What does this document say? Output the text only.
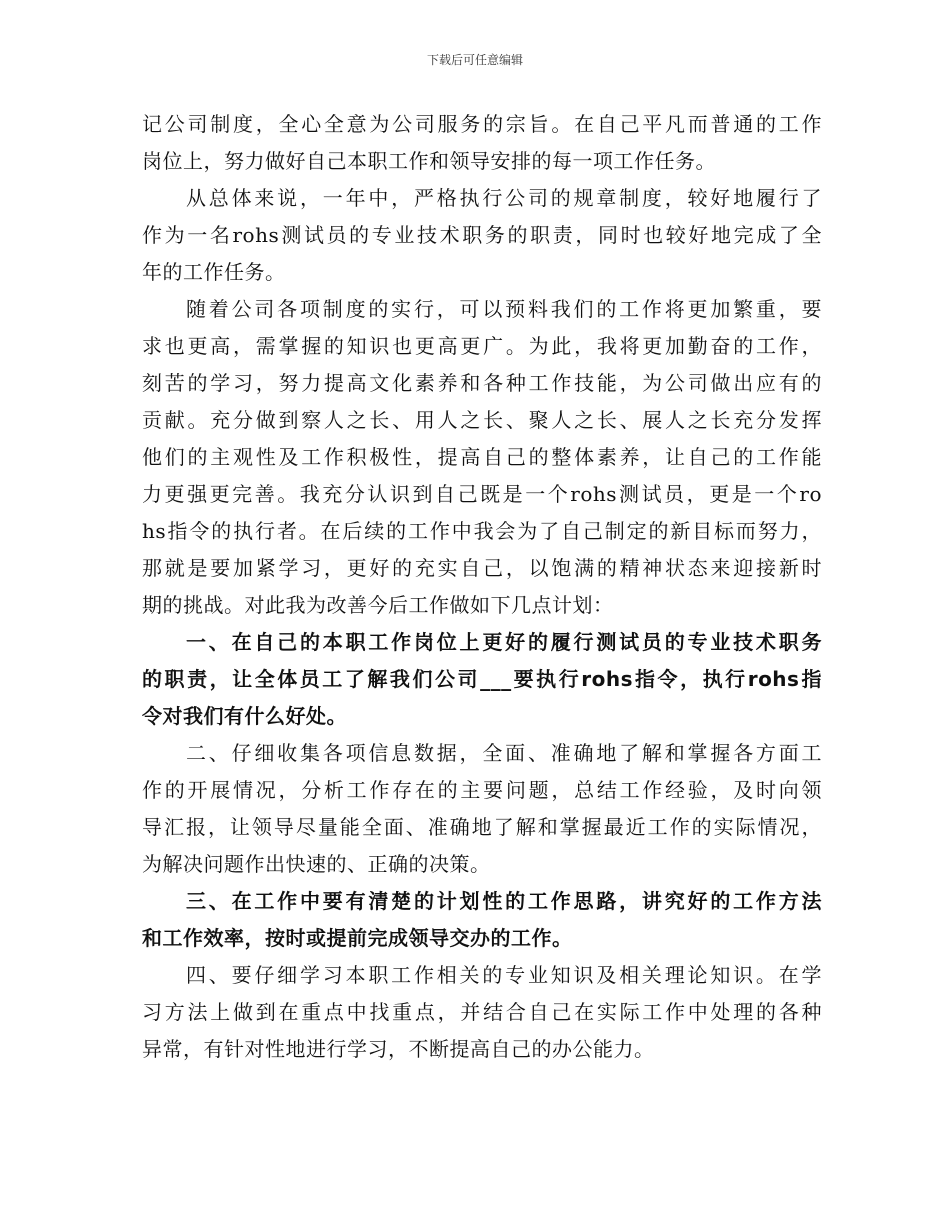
下载后可任意编辑
记公司制度，全心全意为公司服务的宗旨。在自己平凡而普通的工作
岗位上，努力做好自己本职工作和领导安排的每一项工作任务。
从总体来说，一年中，严格执行公司的规章制度，较好地履行了
作为一名rohs测试员的专业技术职务的职责，同时也较好地完成了全
年的工作任务。
随着公司各项制度的实行，可以预料我们的工作将更加繁重，要
求也更高，需掌握的知识也更高更广。为此，我将更加勤奋的工作，
刻苦的学习，努力提高文化素养和各种工作技能，为公司做出应有的
贡献。充分做到察人之长、用人之长、聚人之长、展人之长充分发挥
他们的主观性及工作积极性，提高自己的整体素养，让自己的工作能
力更强更完善。我充分认识到自己既是一个rohs测试员，更是一个ro
hs指令的执行者。在后续的工作中我会为了自己制定的新目标而努力，
那就是要加紧学习，更好的充实自己，以饱满的精神状态来迎接新时
期的挑战。对此我为改善今后工作做如下几点计划：
一、在自己的本职工作岗位上更好的履行测试员的专业技术职务
的职责，让全体员工了解我们公司___要执行rohs指令，执行rohs指
令对我们有什么好处。
二、仔细收集各项信息数据，全面、准确地了解和掌握各方面工
作的开展情况，分析工作存在的主要问题，总结工作经验，及时向领
导汇报，让领导尽量能全面、准确地了解和掌握最近工作的实际情况，
为解决问题作出快速的、正确的决策。
三、在工作中要有清楚的计划性的工作思路，讲究好的工作方法
和工作效率，按时或提前完成领导交办的工作。
四、要仔细学习本职工作相关的专业知识及相关理论知识。在学
习方法上做到在重点中找重点，并结合自己在实际工作中处理的各种
异常，有针对性地进行学习，不断提高自己的办公能力。
